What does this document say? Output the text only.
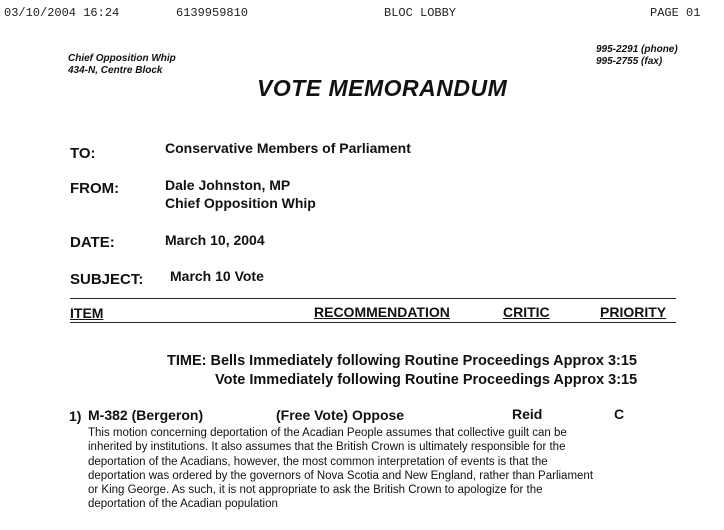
03/10/2004 16:24	6139959810	BLOC LOBBY	PAGE 01
Chief Opposition Whip
434-N, Centre Block
995-2291 (phone)
995-2755 (fax)
VOTE MEMORANDUM
TO:	Conservative Members of Parliament
FROM:	Dale Johnston, MP
Chief Opposition Whip
DATE:	March 10, 2004
SUBJECT: March 10 Vote
ITEM	RECOMMENDATION	CRITIC	PRIORITY
TIME: Bells Immediately following Routine Proceedings Approx 3:15
Vote Immediately following Routine Proceedings Approx 3:15
1) M-382 (Bergeron)	(Free Vote) Oppose	Reid	C
This motion concerning deportation of the Acadian People assumes that collective guilt can be
inherited by institutions. It also assumes that the British Crown is ultimately responsible for the
deportation of the Acadians, however, the most common interpretation of events is that the
deportation was ordered by the governors of Nova Scotia and New England, rather than Parliament
or King George. As such, it is not appropriate to ask the British Crown to apologize for the
deportation of the Acadian population
